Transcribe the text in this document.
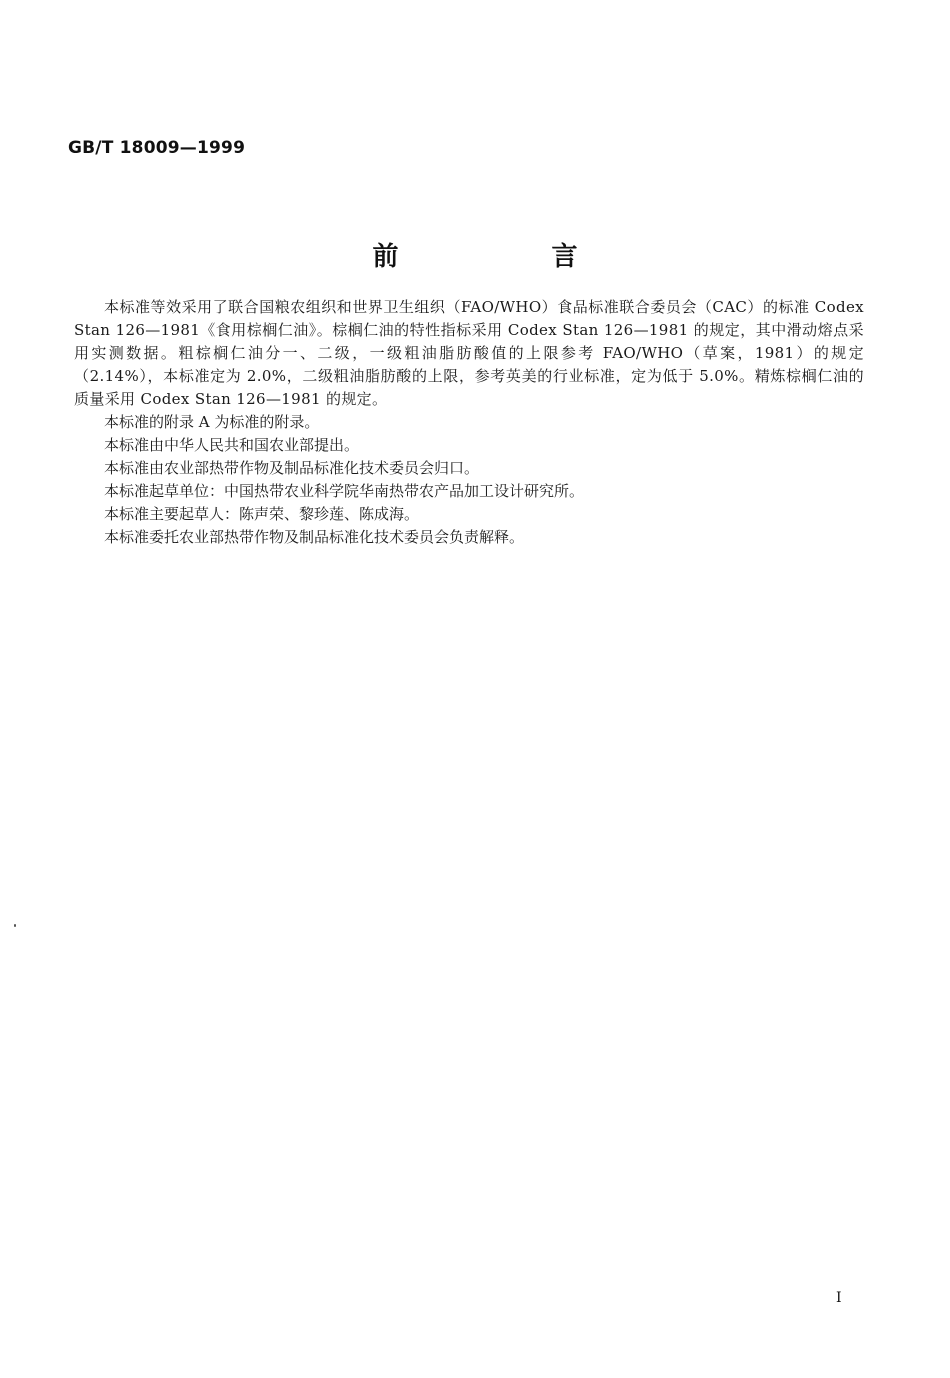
GB/T 18009—1999
前 言

本标准等效采用了联合国粮农组织和世界卫生组织（FAO/WHO）食品标准联合委员会（CAC）的标准 Codex Stan 126—1981《食用棕榈仁油》。棕榈仁油的特性指标采用 Codex Stan 126—1981 的规定，其中滑动熔点采用实测数据。粗棕榈仁油分一、二级，一级粗油脂肪酸值的上限参考 FAO/WHO（草案，1981）的规定（2.14%），本标准定为 2.0%，二级粗油脂肪酸的上限，参考英美的行业标准，定为低于 5.0%。精炼棕榈仁油的质量采用 Codex Stan 126—1981 的规定。

本标准的附录 A 为标准的附录。

本标准由中华人民共和国农业部提出。

本标准由农业部热带作物及制品标准化技术委员会归口。

本标准起草单位：中国热带农业科学院华南热带农产品加工设计研究所。

本标准主要起草人：陈声荣、黎珍莲、陈成海。

本标准委托农业部热带作物及制品标准化技术委员会负责解释。

I
